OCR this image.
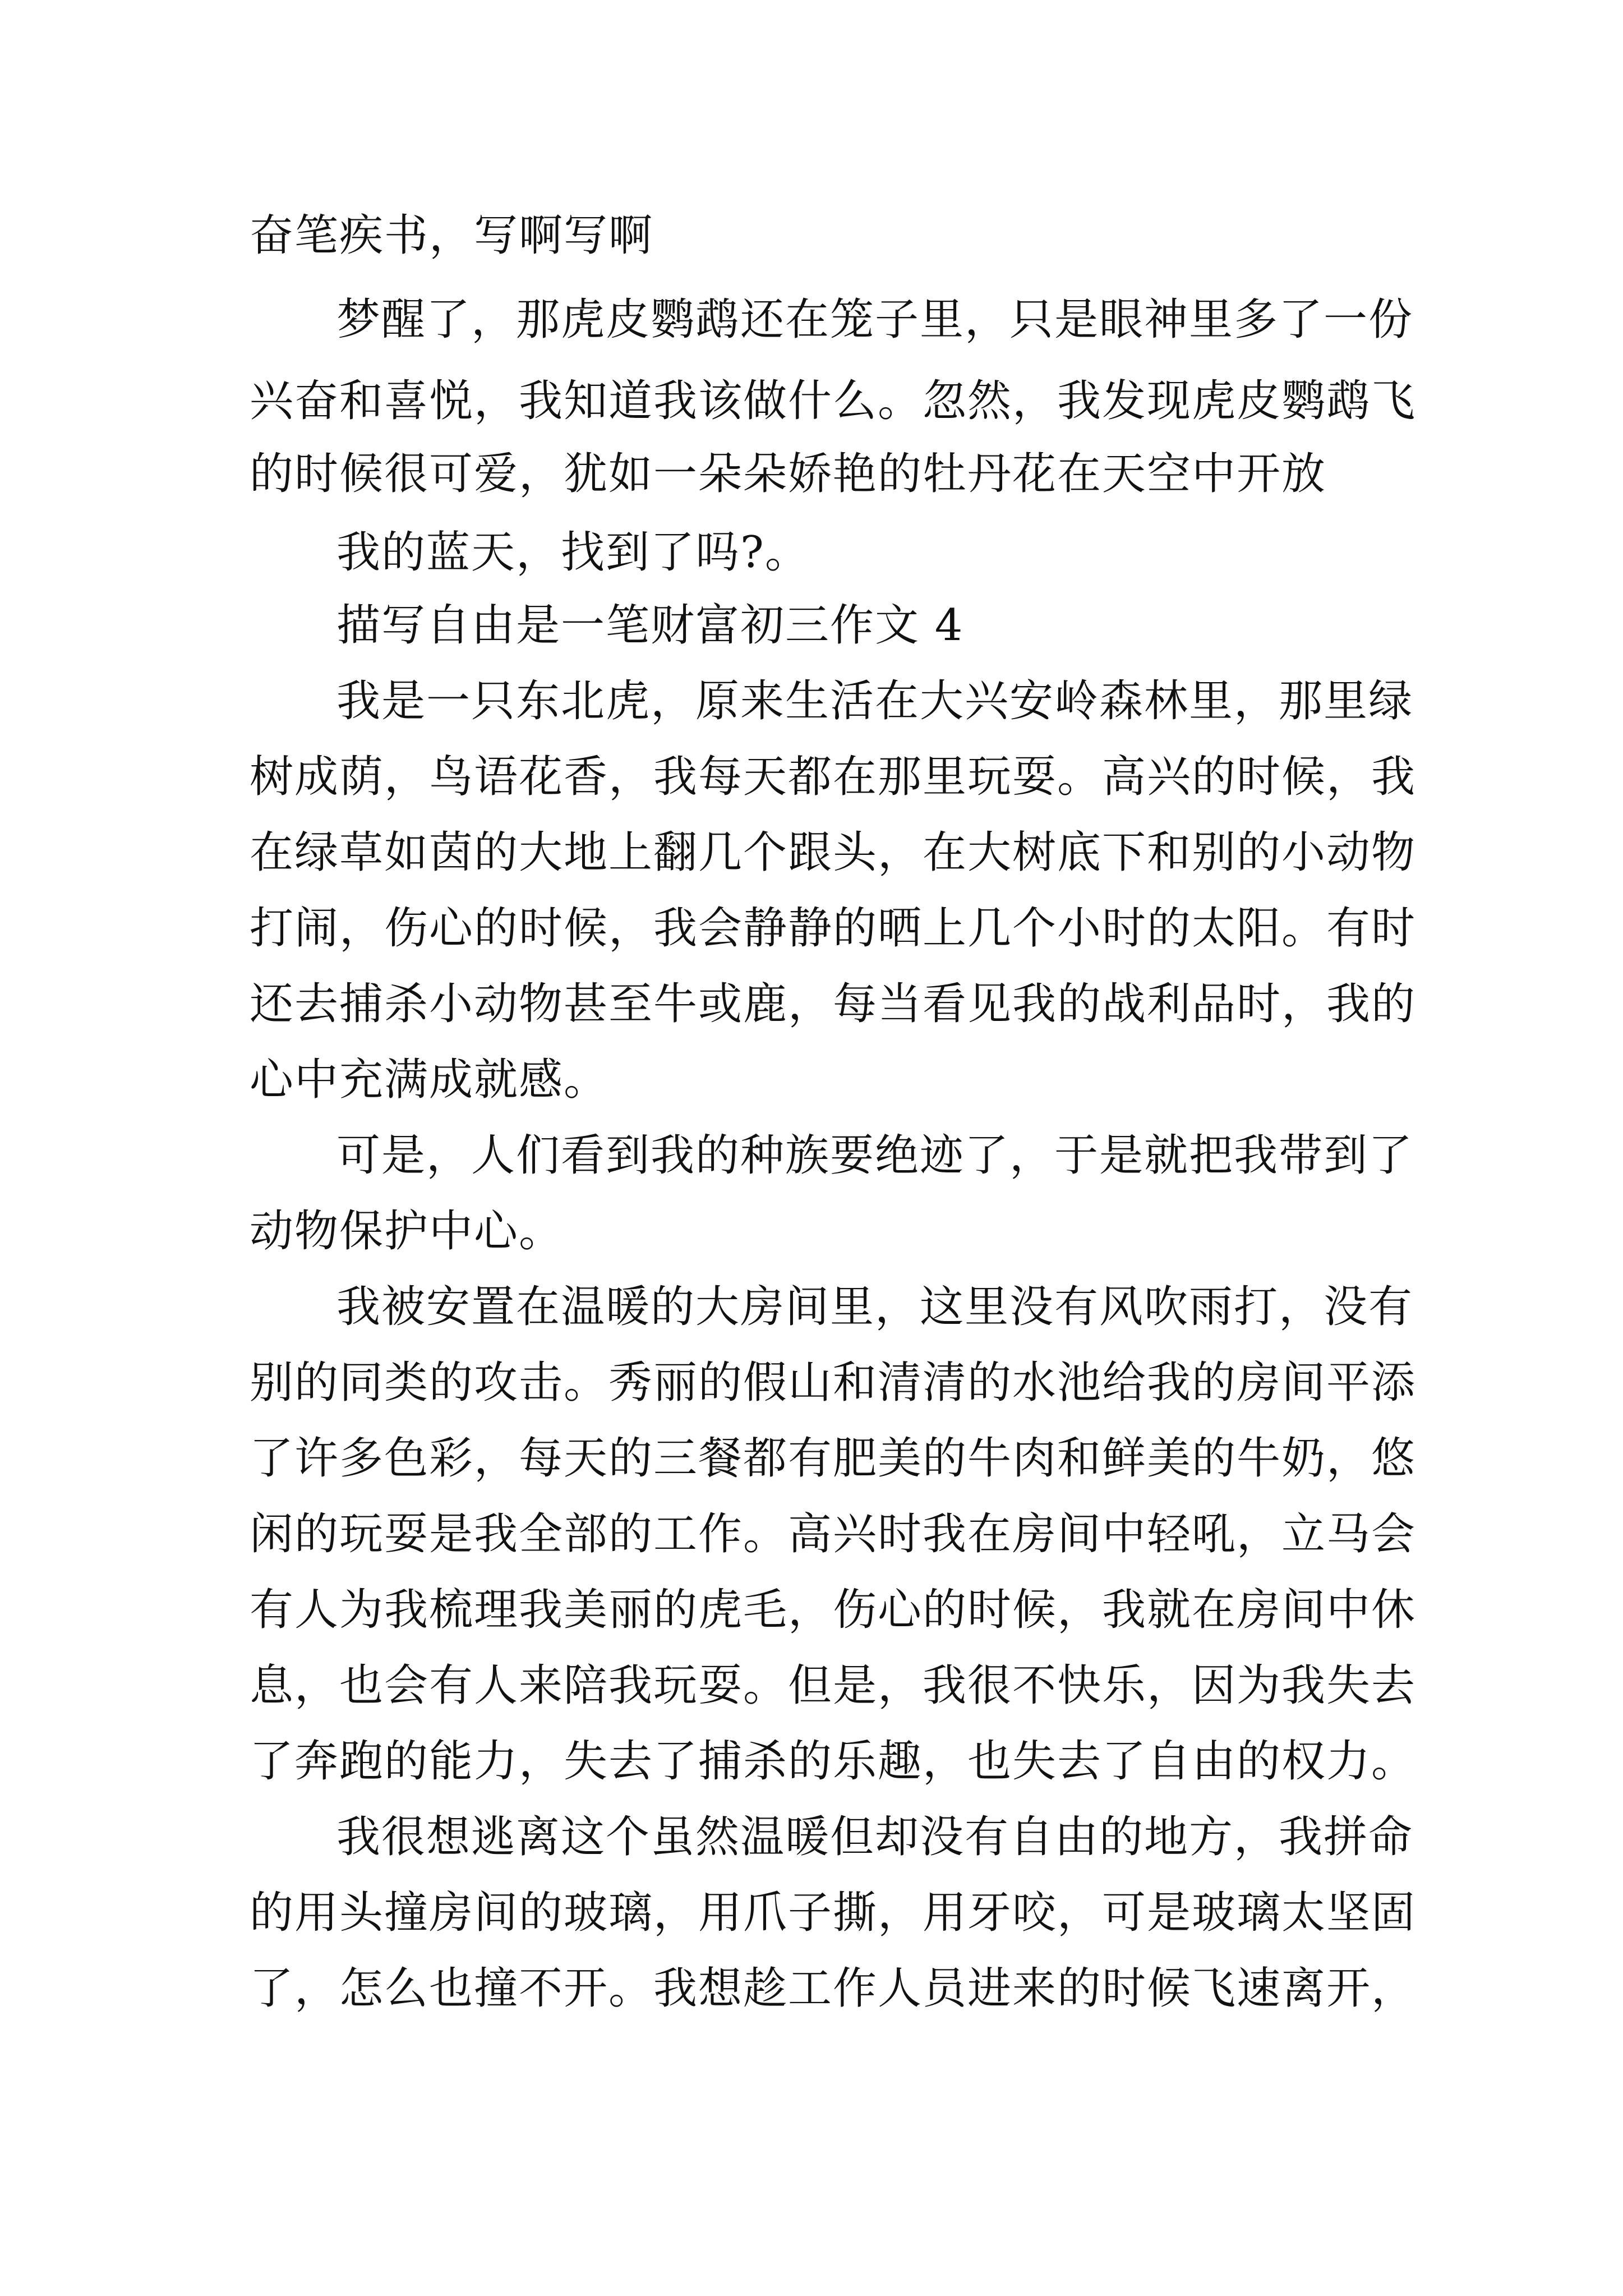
奋笔疾书，写啊写啊
梦醒了，那虎皮鹦鹉还在笼子里，只是眼神里多了一份
兴奋和喜悦，我知道我该做什么。忽然，我发现虎皮鹦鹉飞
的时候很可爱，犹如一朵朵娇艳的牡丹花在天空中开放
我的蓝天，找到了吗?。
描写自由是一笔财富初三作文 4
我是一只东北虎，原来生活在大兴安岭森林里，那里绿
树成荫，鸟语花香，我每天都在那里玩耍。高兴的时候，我
在绿草如茵的大地上翻几个跟头，在大树底下和别的小动物
打闹，伤心的时候，我会静静的晒上几个小时的太阳。有时
还去捕杀小动物甚至牛或鹿，每当看见我的战利品时，我的
心中充满成就感。
可是，人们看到我的种族要绝迹了，于是就把我带到了
动物保护中心。
我被安置在温暖的大房间里，这里没有风吹雨打，没有
别的同类的攻击。秀丽的假山和清清的水池给我的房间平添
了许多色彩，每天的三餐都有肥美的牛肉和鲜美的牛奶，悠
闲的玩耍是我全部的工作。高兴时我在房间中轻吼，立马会
有人为我梳理我美丽的虎毛，伤心的时候，我就在房间中休
息，也会有人来陪我玩耍。但是，我很不快乐，因为我失去
了奔跑的能力，失去了捕杀的乐趣，也失去了自由的权力。
我很想逃离这个虽然温暖但却没有自由的地方，我拼命
的用头撞房间的玻璃，用爪子撕，用牙咬，可是玻璃太坚固
了，怎么也撞不开。我想趁工作人员进来的时候飞速离开，
